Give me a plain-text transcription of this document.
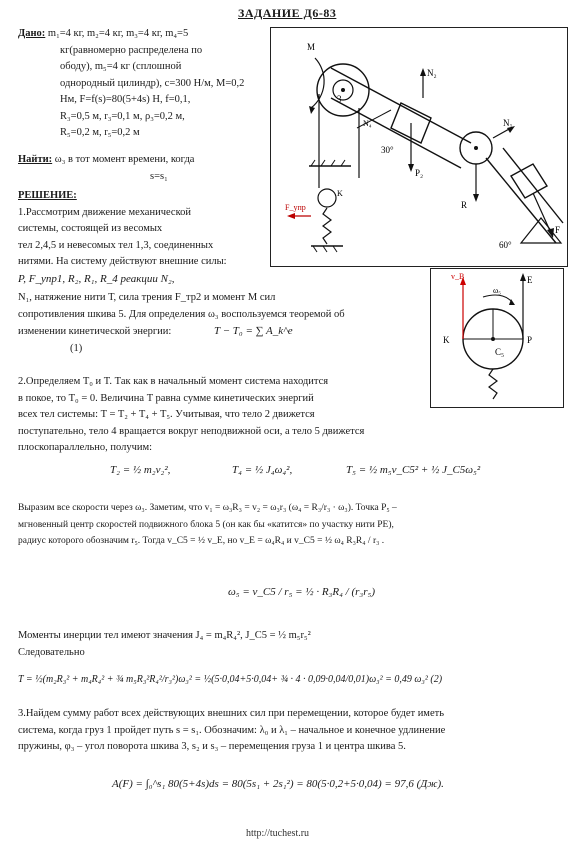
ЗАДАНИЕ Д6-83
Дано: m₁=4 кг, m₂=4 кг, m₃=4 кг, m₄=5
кг(равномерно распределена по
ободу), m₅=4 кг (сплошной
однородный цилиндр), c=300 Н/м, M=0,2
Нм, F=f(s)=80(5+4s) Н, f=0,1,
R₃=0,5 м, r₃=0,1 м, ρ₃=0,2 м,
R₅=0,2 м, r₅=0,2 м
Найти: ω₃ в тот момент времени, когда
s=s₁
РЕШЕНИЕ:
1.Рассмотрим движение механической
системы, состоящей из весомых
тел 2,4,5 и невесомых тел 1,3, соединенных
нитями. На систему действуют внешние силы:
P, F_упр1, R₂, R₁, R_4 реакции N₂,
3
M
N₂
P₂
30°
N₁
R
F
60°
N₄
K
F_упр
C₅
K	P
E
v_B
ω₅
N₁, натяжение нити Т, сила трения F_тр2 и момент М сил
сопротивления шкива 5. Для определения ω₃ воспользуемся теоремой об
изменении кинетической энергии:	T − T₀ = ∑ A_k^e
(1)
2.Определяем T₀ и T. Так как в начальный момент система находится
в покое, то T₀ = 0. Величина T равна сумме кинетических энергий
всех тел системы: T = T₂ + T₄ + T₅. Учитывая, что тело 2 движется
поступательно, тело 4 вращается вокруг неподвижной оси, а тело 5 движется
плоскопараллельно, получим:
T₂ = ½ m₂v₂²,	T₄ = ½ J₄ω₄²,	T₅ = ½ m₅v_C5² + ½ J_C5ω₅²
Выразим все скорости через ω₃. Заметим, что v₁ = ω₃R₃ = v₂ = ω₃r₃ (ω₄ = R₃/r₃ · ω₃). Точка P₅ –
мгновенный центр скоростей подвижного блока 5 (он как бы «катится» по участку нити PE),
радиус которого обозначим r₅. Тогда v_C5 = ½ v_E, но v_E = ω₄R₄ и v_C5 = ½ ω₄ R₃R₄ / r₃ .
ω₅ = v_C5 / r₅ = ½ · R₃R₄ / (r₃r₅)
Моменты инерции тел имеют значения J₄ = m₄R₄², J_C5 = ½ m₅r₅²
Следовательно
T = ½(m₂R₃² + m₄R₄² + ¾ m₅R₃²R₄²/r₃²)ω₃² = ½(5·0,04+5·0,04+ ¾ · 4 · 0,09·0,04/0,01)ω₃² = 0,49 ω₃² (2)
3.Найдем сумму работ всех действующих внешних сил при перемещении, которое будет иметь
система, когда груз 1 пройдет путь s = s₁. Обозначим: λ₀ и λ₁ – начальное и конечное удлинение
пружины, φ₃ – угол поворота шкива 3, s₂ и s₃ – перемещения груза 1 и центра шкива 5.
A(F) = ∫₀^s₁ 80(5+4s)ds = 80(5s₁ + 2s₁²) = 80(5·0,2+5·0,04) = 97,6 (Дж).
http://tuchest.ru
